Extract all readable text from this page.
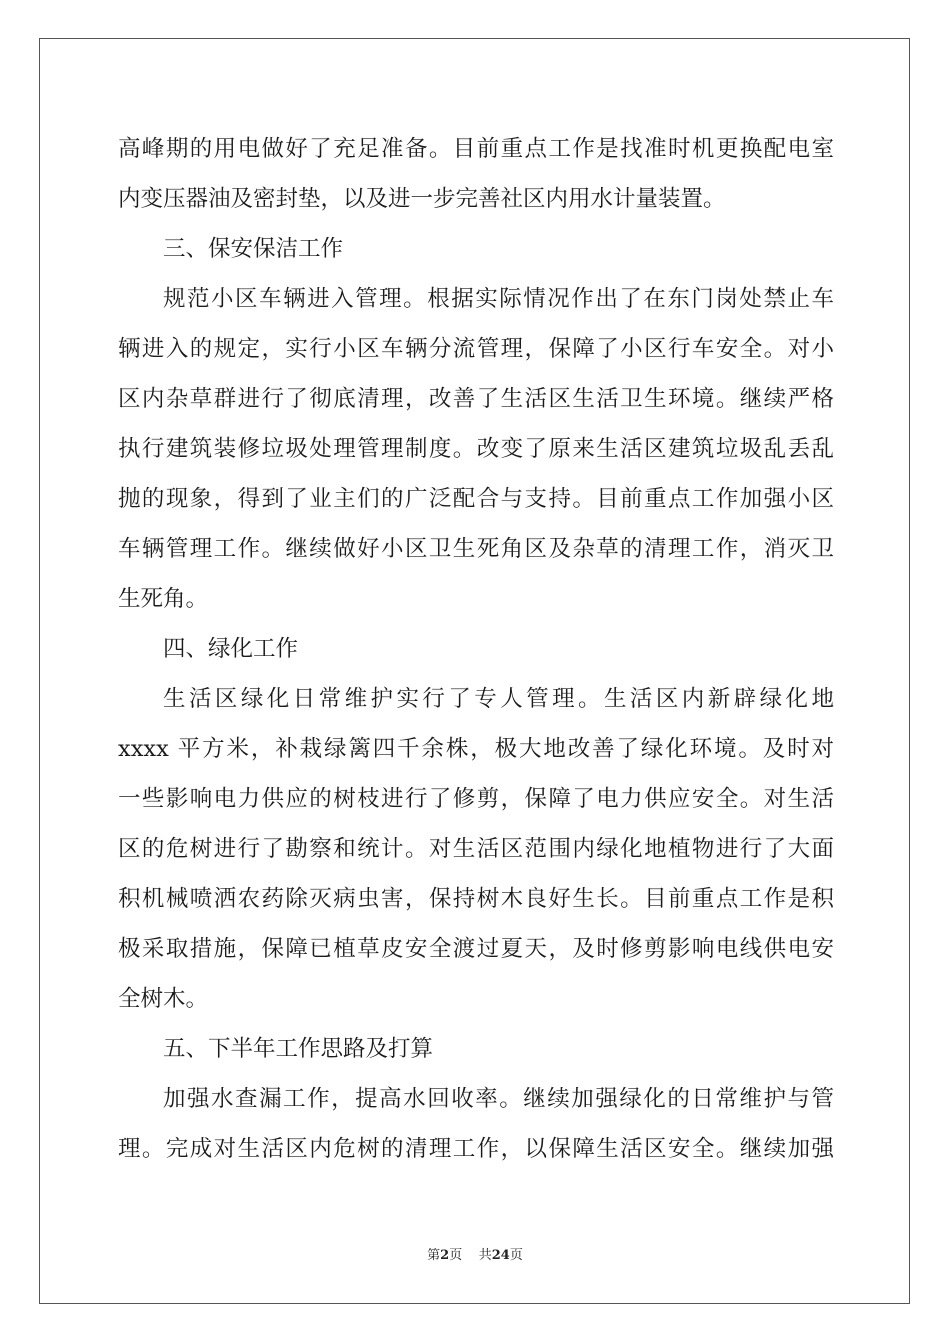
高峰期的用电做好了充足准备。目前重点工作是找准时机更换配电室
内变压器油及密封垫，以及进一步完善社区内用水计量装置。
三、保安保洁工作
规范小区车辆进入管理。根据实际情况作出了在东门岗处禁止车
辆进入的规定，实行小区车辆分流管理，保障了小区行车安全。对小
区内杂草群进行了彻底清理，改善了生活区生活卫生环境。继续严格
执行建筑装修垃圾处理管理制度。改变了原来生活区建筑垃圾乱丢乱
抛的现象，得到了业主们的广泛配合与支持。目前重点工作加强小区
车辆管理工作。继续做好小区卫生死角区及杂草的清理工作，消灭卫
生死角。
四、绿化工作
生活区绿化日常维护实行了专人管理。生活区内新辟绿化地
xxxx 平方米，补栽绿篱四千余株，极大地改善了绿化环境。及时对
一些影响电力供应的树枝进行了修剪，保障了电力供应安全。对生活
区的危树进行了勘察和统计。对生活区范围内绿化地植物进行了大面
积机械喷洒农药除灭病虫害，保持树木良好生长。目前重点工作是积
极采取措施，保障已植草皮安全渡过夏天，及时修剪影响电线供电安
全树木。
五、下半年工作思路及打算
加强水查漏工作，提高水回收率。继续加强绿化的日常维护与管
理。完成对生活区内危树的清理工作，以保障生活区安全。继续加强
第2页 共24页
